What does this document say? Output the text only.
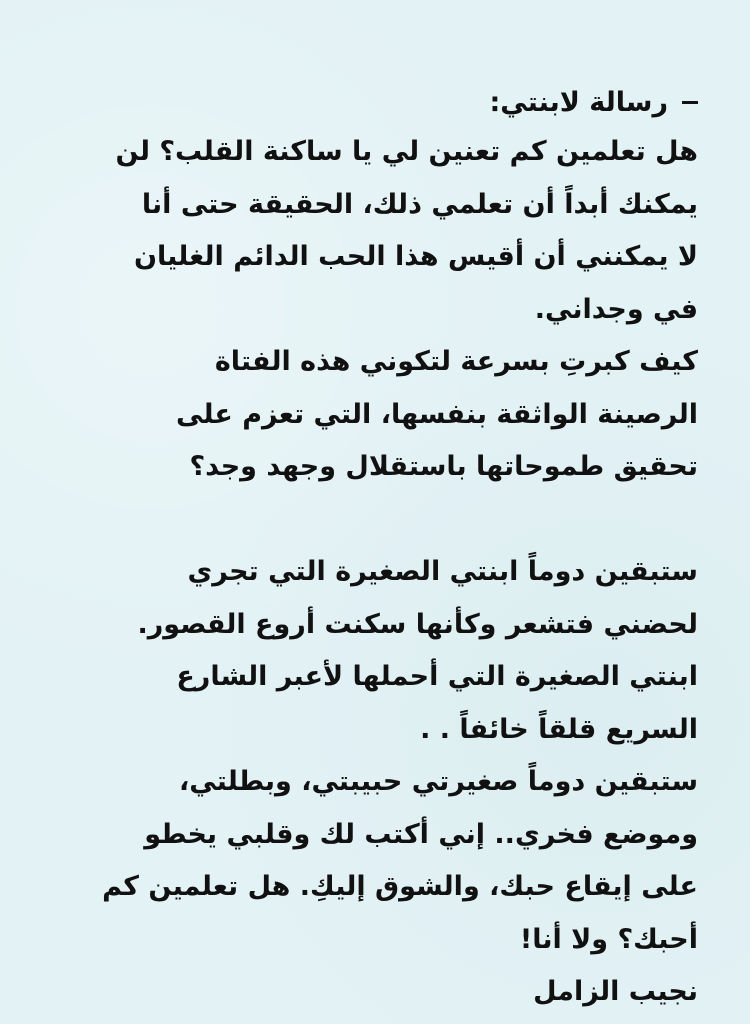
رسالة لابنتي:
هل تعلمين كم تعنين لي يا ساكنة القلب؟ لن
يمكنك أبداً أن تعلمي ذلك، الحقيقة حتى أنا
لا يمكنني أن أقيس هذا الحب الدائم الغليان
في وجداني.
كيف كبرتِ بسرعة لتكوني هذه الفتاة
الرصينة الواثقة بنفسها، التي تعزم على
تحقيق طموحاتها باستقلال وجهد وجد؟
ستبقين دوماً ابنتي الصغيرة التي تجري
لحضني فتشعر وكأنها سكنت أروع القصور.
ابنتي الصغيرة التي أحملها لأعبر الشارع
السريع قلقاً خائفاً . .
ستبقين دوماً صغيرتي حبيبتي، وبطلتي،
وموضع فخري.. إني أكتب لك وقلبي يخطو
على إيقاع حبك، والشوق إليكِ. هل تعلمين كم
أحبك؟ ولا أنا!
نجيب الزامل
